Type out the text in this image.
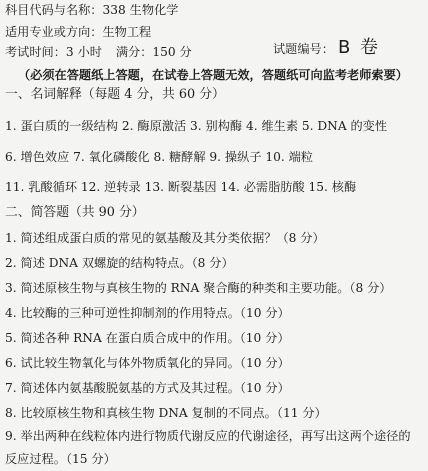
科目代码与名称：338 生物化学
适用专业或方向：生物工程
考试时间：3 小时 满分：150 分	试题编号： B 卷
（必须在答题纸上答题，在试卷上答题无效，答题纸可向监考老师索要）
一、名词解释（每题 4 分，共 60 分）
1. 蛋白质的一级结构 2. 酶原激活 3. 别构酶 4. 维生素 5. DNA 的变性
6. 增色效应 7. 氧化磷酸化 8. 糖酵解 9. 操纵子 10. 端粒
11. 乳酸循环 12. 逆转录 13. 断裂基因 14. 必需脂肪酸 15. 核酶
二、简答题（共 90 分）
1. 简述组成蛋白质的常见的氨基酸及其分类依据？（8 分）
2. 简述 DNA 双螺旋的结构特点。（8 分）
3. 简述原核生物与真核生物的 RNA 聚合酶的种类和主要功能。（8 分）
4. 比较酶的三种可逆性抑制剂的作用特点。（10 分）
5. 简述各种 RNA 在蛋白质合成中的作用。（10 分）
6. 试比较生物氧化与体外物质氧化的异同。（10 分）
7. 简述体内氨基酸脱氨基的方式及其过程。（10 分）
8. 比较原核生物和真核生物 DNA 复制的不同点。（11 分）
9. 举出两种在线粒体内进行物质代谢反应的代谢途径，再写出这两个途径的反应过程。（15 分）
